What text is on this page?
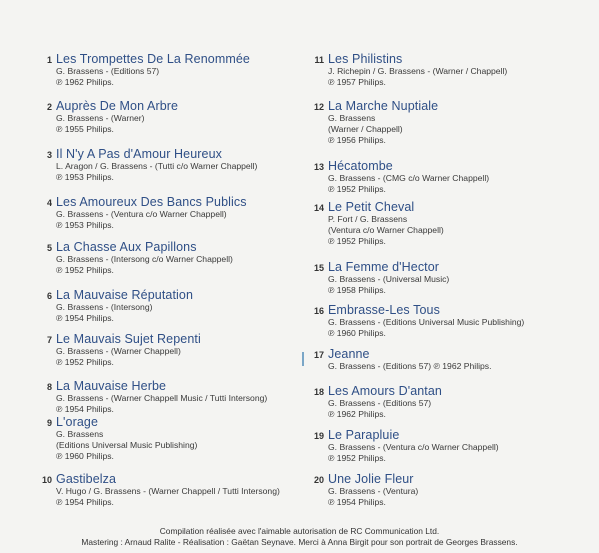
1 Les Trompettes De La Renommée
G. Brassens - (Editions 57)
℗ 1962 Philips.
2 Auprès De Mon Arbre
G. Brassens - (Warner)
℗ 1955 Philips.
3 Il N'y A Pas d'Amour Heureux
L. Aragon / G. Brassens - (Tutti c/o Warner Chappell)
℗ 1953 Philips.
4 Les Amoureux Des Bancs Publics
G. Brassens - (Ventura c/o Warner Chappell)
℗ 1953 Philips.
5 La Chasse Aux Papillons
G. Brassens - (Intersong c/o Warner Chappell)
℗ 1952 Philips.
6 La Mauvaise Réputation
G. Brassens - (Intersong)
℗ 1954 Philips.
7 Le Mauvais Sujet Repenti
G. Brassens - (Warner Chappell)
℗ 1952 Philips.
8 La Mauvaise Herbe
G. Brassens - (Warner Chappell Music / Tutti Intersong)
℗ 1954 Philips.
9 L'orage
G. Brassens
(Editions Universal Music Publishing)
℗ 1960 Philips.
10 Gastibelza
V. Hugo / G. Brassens - (Warner Chappell / Tutti Intersong)
℗ 1954 Philips.
11 Les Philistins
J. Richepin / G. Brassens - (Warner / Chappell)
℗ 1957 Philips.
12 La Marche Nuptiale
G. Brassens
(Warner / Chappell)
℗ 1956 Philips.
13 Hécatombe
G. Brassens - (CMG c/o Warner Chappell)
℗ 1952 Philips.
14 Le Petit Cheval
P. Fort / G. Brassens
(Ventura c/o Warner Chappell)
℗ 1952 Philips.
15 La Femme d'Hector
G. Brassens - (Universal Music)
℗ 1958 Philips.
16 Embrasse-Les Tous
G. Brassens - (Editions Universal Music Publishing)
℗ 1960 Philips.
17 Jeanne
G. Brassens - (Editions 57) ℗ 1962 Philips.
18 Les Amours D'antan
G. Brassens - (Editions 57)
℗ 1962 Philips.
19 Le Parapluie
G. Brassens - (Ventura c/o Warner Chappell)
℗ 1952 Philips.
20 Une Jolie Fleur
G. Brassens - (Ventura)
℗ 1954 Philips.
Compilation réalisée avec l'aimable autorisation de RC Communication Ltd.
Mastering : Arnaud Ralite - Réalisation : Gaëtan Seynave. Merci à Anna Birgit pour son portrait de Georges Brassens.
